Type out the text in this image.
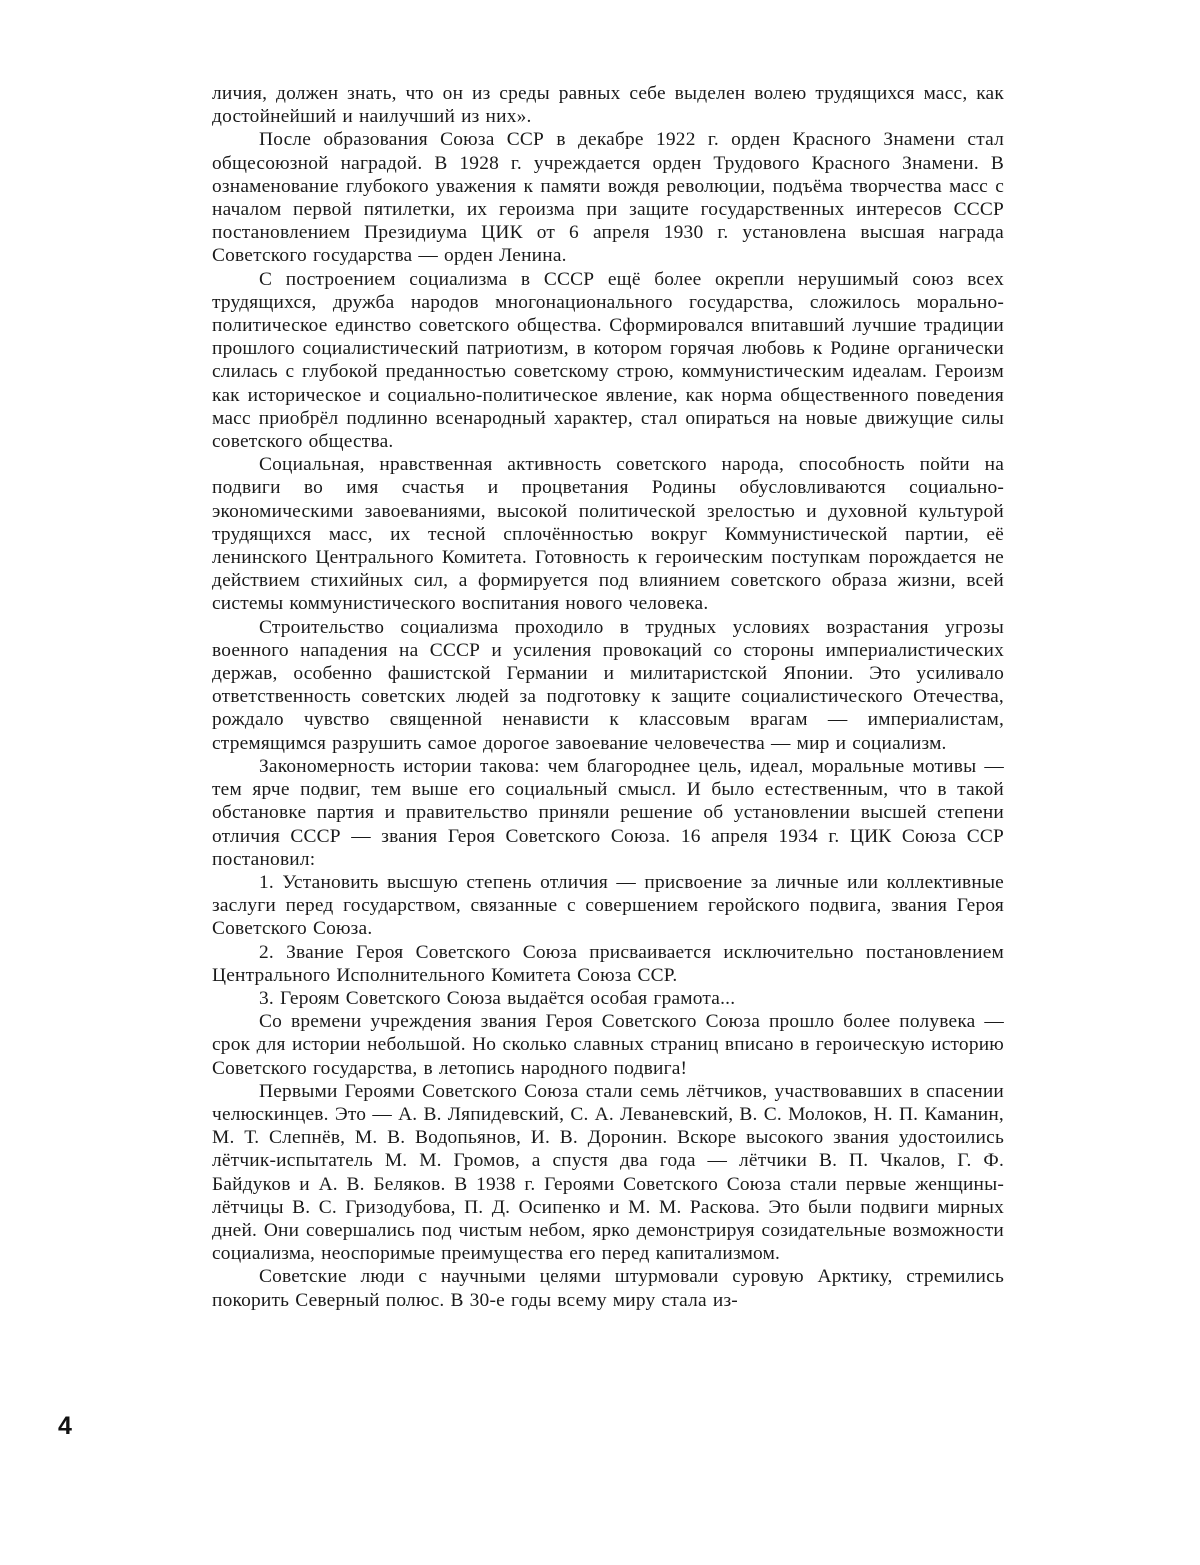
личия, должен знать, что он из среды равных себе выделен волею трудящихся масс, как достойнейший и наилучший из них».

После образования Союза ССР в декабре 1922 г. орден Красного Знамени стал общесоюзной наградой. В 1928 г. учреждается орден Трудового Красного Знамени. В ознаменование глубокого уважения к памяти вождя революции, подъёма творчества масс с началом первой пятилетки, их героизма при защите государственных интересов СССР постановлением Президиума ЦИК от 6 апреля 1930 г. установлена высшая награда Советского государства — орден Ленина.

С построением социализма в СССР ещё более окрепли нерушимый союз всех трудящихся, дружба народов многонационального государства, сложилось морально-политическое единство советского общества. Сформировался впитавший лучшие традиции прошлого социалистический патриотизм, в котором горячая любовь к Родине органически слилась с глубокой преданностью советскому строю, коммунистическим идеалам. Героизм как историческое и социально-политическое явление, как норма общественного поведения масс приобрёл подлинно всенародный характер, стал опираться на новые движущие силы советского общества.

Социальная, нравственная активность советского народа, способность пойти на подвиги во имя счастья и процветания Родины обусловливаются социально-экономическими завоеваниями, высокой политической зрелостью и духовной культурой трудящихся масс, их тесной сплочённостью вокруг Коммунистической партии, её ленинского Центрального Комитета. Готовность к героическим поступкам порождается не действием стихийных сил, а формируется под влиянием советского образа жизни, всей системы коммунистического воспитания нового человека.

Строительство социализма проходило в трудных условиях возрастания угрозы военного нападения на СССР и усиления провокаций со стороны империалистических держав, особенно фашистской Германии и милитаристской Японии. Это усиливало ответственность советских людей за подготовку к защите социалистического Отечества, рождало чувство священной ненависти к классовым врагам — империалистам, стремящимся разрушить самое дорогое завоевание человечества — мир и социализм.

Закономерность истории такова: чем благороднее цель, идеал, моральные мотивы — тем ярче подвиг, тем выше его социальный смысл. И было естественным, что в такой обстановке партия и правительство приняли решение об установлении высшей степени отличия СССР — звания Героя Советского Союза. 16 апреля 1934 г. ЦИК Союза ССР постановил:

1. Установить высшую степень отличия — присвоение за личные или коллективные заслуги перед государством, связанные с совершением геройского подвига, звания Героя Советского Союза.

2. Звание Героя Советского Союза присваивается исключительно постановлением Центрального Исполнительного Комитета Союза ССР.

3. Героям Советского Союза выдаётся особая грамота...

Со времени учреждения звания Героя Советского Союза прошло более полувека — срок для истории небольшой. Но сколько славных страниц вписано в героическую историю Советского государства, в летопись народного подвига!

Первыми Героями Советского Союза стали семь лётчиков, участвовавших в спасении челюскинцев. Это — А. В. Ляпидевский, С. А. Леваневский, В. С. Молоков, Н. П. Каманин, М. Т. Слепнёв, М. В. Водопьянов, И. В. Доронин. Вскоре высокого звания удостоились лётчик-испытатель М. М. Громов, а спустя два года — лётчики В. П. Чкалов, Г. Ф. Байдуков и А. В. Беляков. В 1938 г. Героями Советского Союза стали первые женщины-лётчицы В. С. Гризодубова, П. Д. Осипенко и М. М. Раскова. Это были подвиги мирных дней. Они совершались под чистым небом, ярко демонстрируя созидательные возможности социализма, неоспоримые преимущества его перед капитализмом.

Советские люди с научными целями штурмовали суровую Арктику, стремились покорить Северный полюс. В 30-е годы всему миру стала из-

4
